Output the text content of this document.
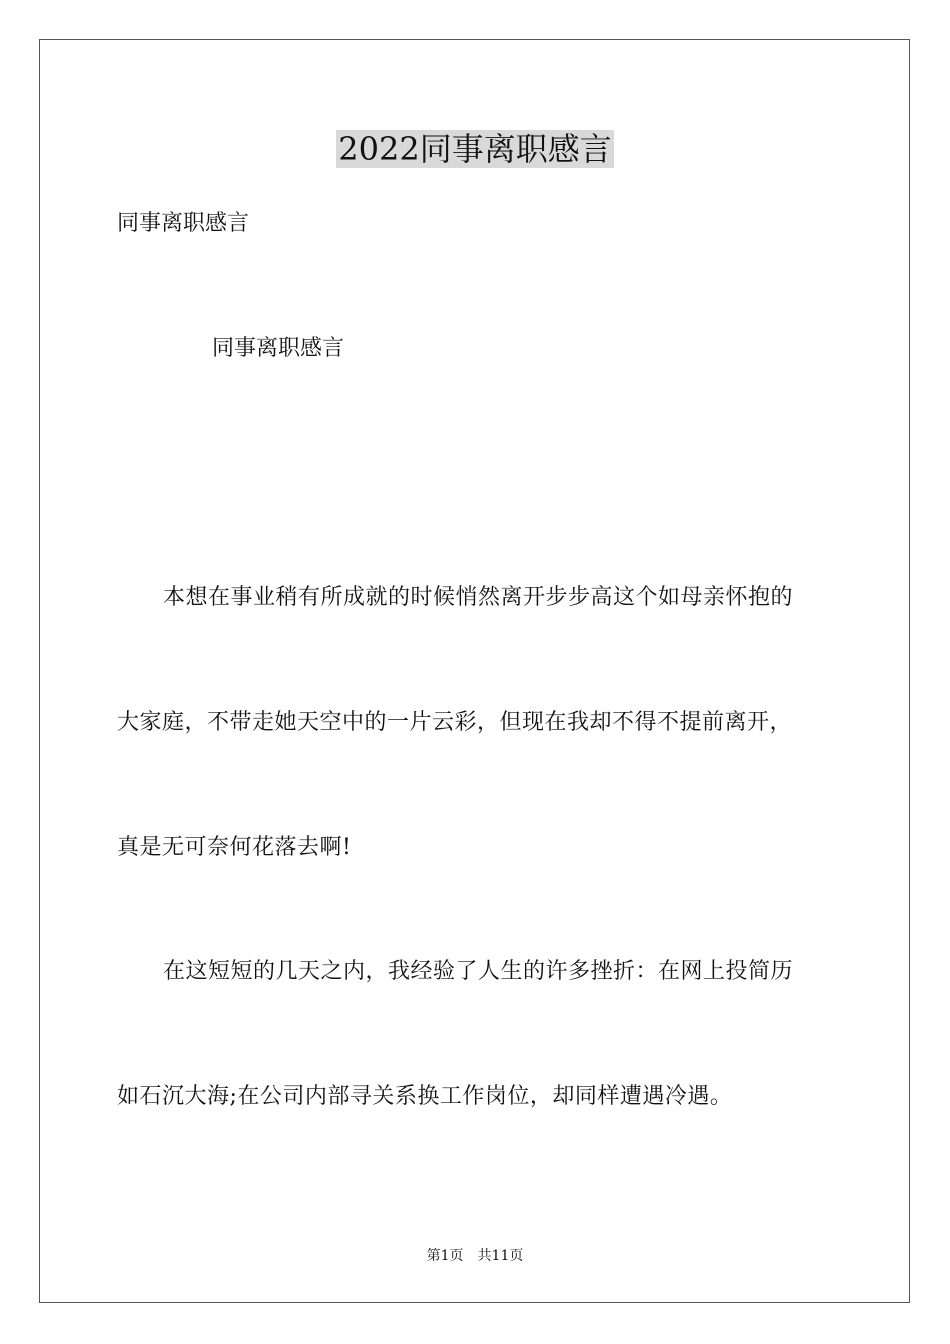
2022同事离职感言
同事离职感言
同事离职感言
本想在事业稍有所成就的时候悄然离开步步高这个如母亲怀抱的
大家庭，不带走她天空中的一片云彩，但现在我却不得不提前离开，
真是无可奈何花落去啊!
在这短短的几天之内，我经验了人生的许多挫折：在网上投简历
如石沉大海;在公司内部寻关系换工作岗位，却同样遭遇冷遇。
第1页　共11页
